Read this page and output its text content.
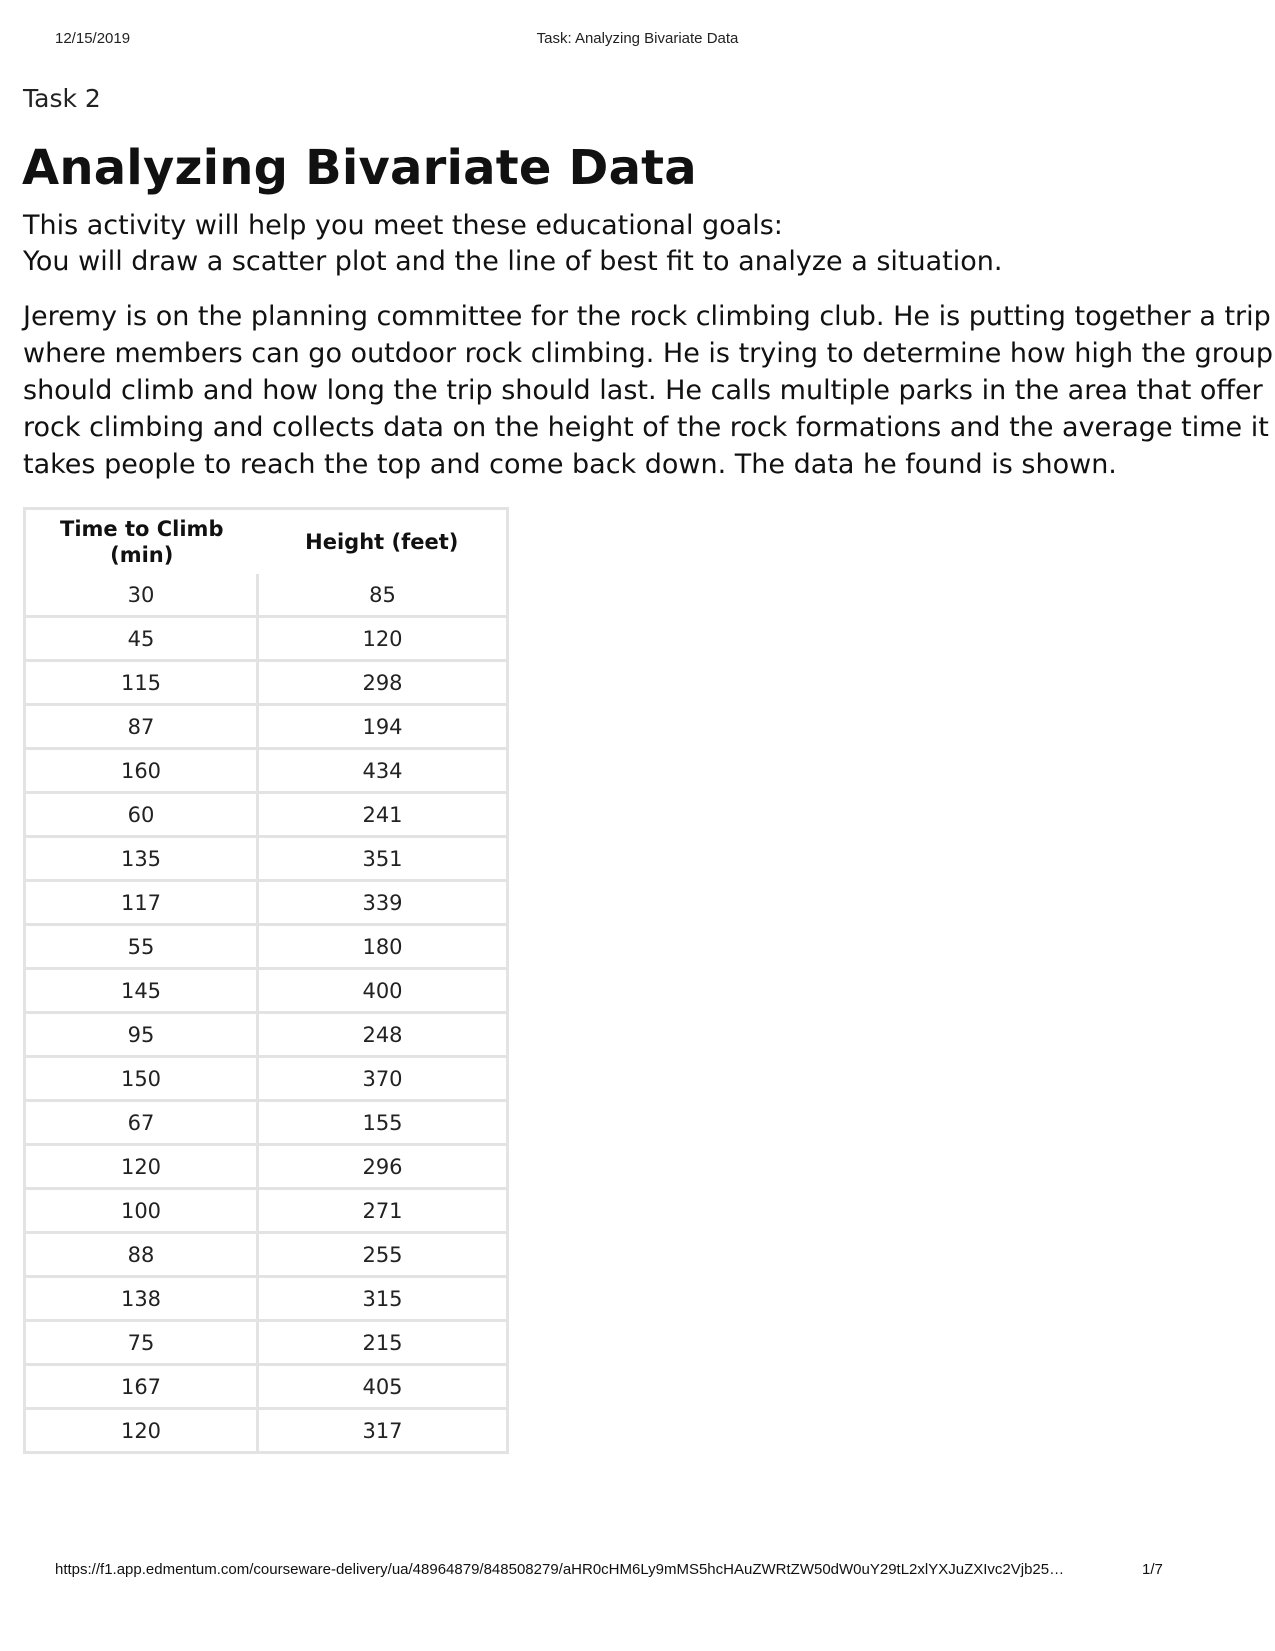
12/15/2019	Task: Analyzing Bivariate Data
Task 2
Analyzing Bivariate Data
This activity will help you meet these educational goals:
You will draw a scatter plot and the line of best fit to analyze a situation.
Jeremy is on the planning committee for the rock climbing club. He is putting together a trip
where members can go outdoor rock climbing. He is trying to determine how high the group
should climb and how long the trip should last. He calls multiple parks in the area that offer
rock climbing and collects data on the height of the rock formations and the average time it
takes people to reach the top and come back down. The data he found is shown.
Time to Climb (min)	Height (feet)
30	85
45	120
115	298
87	194
160	434
60	241
135	351
117	339
55	180
145	400
95	248
150	370
67	155
120	296
100	271
88	255
138	315
75	215
167	405
120	317
https://f1.app.edmentum.com/courseware-delivery/ua/48964879/848508279/aHR0cHM6Ly9mMS5hcHAuZWRtZW50dW0uY29tL2xlYXJuZXIvc2Vjb25…	1/7
